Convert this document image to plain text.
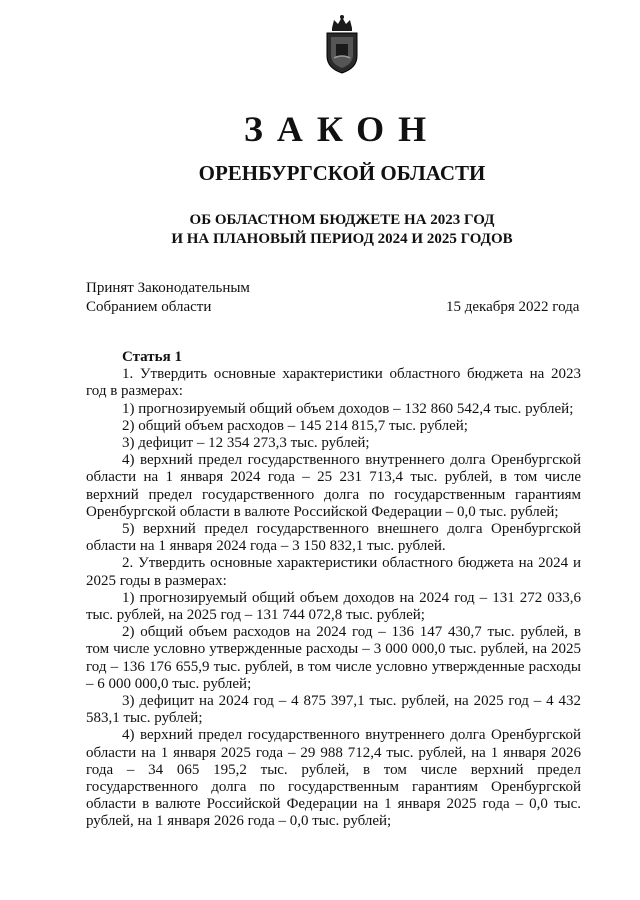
ЗАКОН
ОРЕНБУРГСКОЙ ОБЛАСТИ
ОБ ОБЛАСТНОМ БЮДЖЕТЕ НА 2023 ГОД
И НА ПЛАНОВЫЙ ПЕРИОД 2024 И 2025 ГОДОВ
Принят Законодательным
Собранием области	15 декабря 2022 года
Статья 1

1. Утвердить основные характеристики областного бюджета на 2023 год в размерах:

1) прогнозируемый общий объем доходов – 132 860 542,4 тыс. рублей;

2) общий объем расходов – 145 214 815,7 тыс. рублей;

3) дефицит – 12 354 273,3 тыс. рублей;

4) верхний предел государственного внутреннего долга Оренбургской области на 1 января 2024 года – 25 231 713,4 тыс. рублей, в том числе верхний предел государственного долга по государственным гарантиям Оренбургской области в валюте Российской Федерации – 0,0 тыс. рублей;

5) верхний предел государственного внешнего долга Оренбургской области на 1 января 2024 года – 3 150 832,1 тыс. рублей.

2. Утвердить основные характеристики областного бюджета на 2024 и 2025 годы в размерах:

1) прогнозируемый общий объем доходов на 2024 год – 131 272 033,6 тыс. рублей, на 2025 год – 131 744 072,8 тыс. рублей;

2) общий объем расходов на 2024 год – 136 147 430,7 тыс. рублей, в том числе условно утвержденные расходы – 3 000 000,0 тыс. рублей, на 2025 год – 136 176 655,9 тыс. рублей, в том числе условно утвержденные расходы – 6 000 000,0 тыс. рублей;

3) дефицит на 2024 год – 4 875 397,1 тыс. рублей, на 2025 год – 4 432 583,1 тыс. рублей;

4) верхний предел государственного внутреннего долга Оренбургской области на 1 января 2025 года – 29 988 712,4 тыс. рублей, на 1 января 2026 года – 34 065 195,2 тыс. рублей, в том числе верхний предел государственного долга по государственным гарантиям Оренбургской области в валюте Российской Федерации на 1 января 2025 года – 0,0 тыс. рублей, на 1 января 2026 года – 0,0 тыс. рублей;
